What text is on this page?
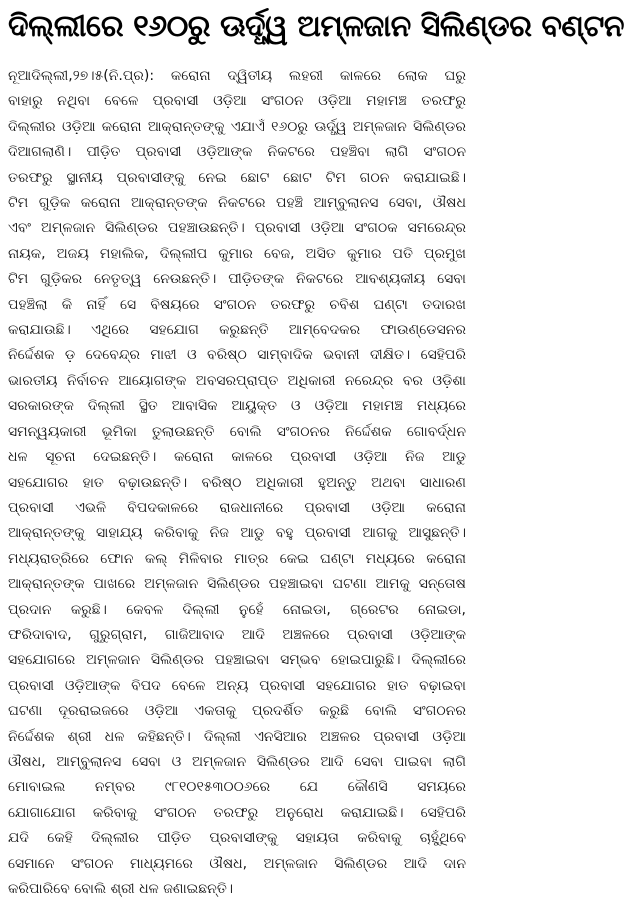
ଦିଲ୍ଲୀରେ ୧୬୦ରୁ ଊର୍ଦ୍ଧ୍ୱ ଅମ୍ଳଜାନ ସିଲିଣ୍ଡର ବଣ୍ଟନ
ନୂଆଦିଲ୍ଲୀ,୨୭।୫(ନି.ପ୍ର): କରୋନା ଦ୍ୱିତୀୟ ଲହରୀ କାଳରେ ଲୋକ ଘରୁ
ବାହାରୁ ନଥିବା ବେଳେ ପ୍ରବାସୀ ଓଡ଼ିଆ ସଂଗଠନ ଓଡ଼ିଆ ମହାମଞ୍ଚ ତରଫରୁ
ଦିଲ୍ଲୀର ଓଡ଼ିଆ କରୋନା ଆକ୍ରାନ୍ତଙ୍କୁ ଏଯାଏଁ ୧୬୦ରୁ ଊର୍ଦ୍ଧ୍ୱ ଅମ୍ଳଜାନ ସିଲିଣ୍ଡର
ଦିଆଗଲାଣି। ପୀଡ଼ିତ ପ୍ରବାସୀ ଓଡ଼ିଆଙ୍କ ନିକଟରେ ପହଞ୍ଚିବା ଲାଗି ସଂଗଠନ
ତରଫରୁ ସ୍ଥାନୀୟ ପ୍ରବାସୀଙ୍କୁ ନେଇ ଛୋଟ ଛୋଟ ଟିମ ଗଠନ କରାଯାଇଛି।
ଟିମ ଗୁଡ଼ିକ କରୋନା ଆକ୍ରାନ୍ତଙ୍କ ନିକଟରେ ପହଞ୍ଚି ଆମ୍ବୁଲାନସ ସେବା, ଔଷଧ
ଏବଂ ଅମ୍ଳଜାନ ସିଲିଣ୍ଡର ପହଞ୍ଚାଉଛନ୍ତି। ପ୍ରବାସୀ ଓଡ଼ିଆ ସଂଗଠକ ସମରେନ୍ଦ୍ର
ନାୟକ, ଅଜୟ ମହାଲିକ, ଦିଲ୍ଲୀପ କୁମାର ବେଜ, ଅସିତ କୁମାର ପତି ପ୍ରମୁଖ
ଟିମ ଗୁଡ଼ିକର ନେତୃତ୍ୱ ନେଉଛନ୍ତି। ପୀଡ଼ିତଙ୍କ ନିକଟରେ ଆବଶ୍ୟକୀୟ ସେବା
ପହଞ୍ଚିଲା କି ନାହିଁ ସେ ବିଷୟରେ ସଂଗଠନ ତରଫରୁ ଚବିଶ ଘଣ୍ଟା ତଦାରଖ
କରାଯାଉଛି। ଏଥିରେ ସହଯୋଗ କରୁଛନ୍ତି ଆମ୍ବେଦକର ଫାଉଣ୍ଡେସନର
ନିର୍ଦ୍ଦେଶକ ଡ଼ ଦେବେନ୍ଦ୍ର ମାଝୀ ଓ ବରିଷ୍ଠ ସାମ୍ବାଦିକ ଭବାନୀ ଦୀକ୍ଷିତ। ସେହିପରି
ଭାରତୀୟ ନିର୍ବାଚନ ଆୟୋଗଙ୍କ ଅବସରପ୍ରାପ୍ତ ଅଧିକାରୀ ନରେନ୍ଦ୍ର ବର ଓଡ଼ିଶା
ସରକାରଙ୍କ ଦିଲ୍ଲୀ ସ୍ଥିତ ଆବାସିକ ଆୟୁକ୍ତ ଓ ଓଡ଼ିଆ ମହାମଞ୍ଚ ମଧ୍ୟରେ
ସମନ୍ୱୟକାରୀ ଭୂମିକା ତୁଲାଉଛନ୍ତି ବୋଲି ସଂଗଠନର ନିର୍ଦ୍ଦେଶକ ଗୋବର୍ଦ୍ଧନ
ଧଳ ସୂଚନା ଦେଇଛନ୍ତି। କରୋନା କାଳରେ ପ୍ରବାସୀ ଓଡ଼ିଆ ନିଜ ଆଡୁ
ସହଯୋଗର ହାତ ବଢ଼ାଉଛନ୍ତି। ବରିଷ୍ଠ ଅଧିକାରୀ ହୁଅନ୍ତୁ ଅଥବା ସାଧାରଣ
ପ୍ରବାସୀ ଏଭଳି ବିପଦକାଳରେ ରାଜଧାନୀରେ ପ୍ରବାସୀ ଓଡ଼ିଆ କରୋନା
ଆକ୍ରାନ୍ତଙ୍କୁ ସାହାଯ୍ୟ କରିବାକୁ ନିଜ ଆଡୁ ବହୁ ପ୍ରବାସୀ ଆଗକୁ ଆସୁଛନ୍ତି।
ମଧ୍ୟରାତ୍ରିରେ ଫୋନ କଲ୍ ମିଳିବାର ମାତ୍ର କେଇ ଘଣ୍ଟା ମଧ୍ୟରେ କରୋନା
ଆକ୍ରାନ୍ତଙ୍କ ପାଖରେ ଅମ୍ଳଜାନ ସିଲିଣ୍ଡର ପହଞ୍ଚାଇବା ଘଟଣା ଆମକୁ ସନ୍ତୋଷ
ପ୍ରଦାନ କରୁଛି। କେବଳ ଦିଲ୍ଲୀ ନୁହେଁ ନୋଇଡା, ଗ୍ରେଟର ନୋଇଡା,
ଫରିଦାବାଦ, ଗୁରୁଗ୍ରାମ, ଗାଜିଆବାଦ ଆଦି ଅଞ୍ଚଳରେ ପ୍ରବାସୀ ଓଡ଼ିଆଙ୍କ
ସହଯୋଗରେ ଅମ୍ଳଜାନ ସିଲିଣ୍ଡର ପହଞ୍ଚାଇବା ସମ୍ଭବ ହୋଇପାରୁଛି। ଦିଲ୍ଲୀରେ
ପ୍ରବାସୀ ଓଡ଼ିଆଙ୍କ ବିପଦ ବେଳେ ଅନ୍ୟ ପ୍ରବାସୀ ସହଯୋଗର ହାତ ବଢ଼ାଇବା
ଘଟଣା ଦୂରରାଇଜରେ ଓଡ଼ିଆ ଏକତାକୁ ପ୍ରଦର୍ଶିତ କରୁଛି ବୋଲି ସଂଗଠନର
ନିର୍ଦ୍ଦେଶକ ଶ୍ରୀ ଧଳ କହିଛନ୍ତି। ଦିଲ୍ଲୀ ଏନସିଆର ଅଞ୍ଚଳର ପ୍ରବାସୀ ଓଡ଼ିଆ
ଔଷଧ, ଆମ୍ବୁଲାନସ ସେବା ଓ ଅମ୍ଳଜାନ ସିଲିଣ୍ଡର ଆଦି ସେବା ପାଇବା ଲାଗି
ମୋବାଇଲ ନମ୍ବର ୯୮୧୦୧୫୩୦୦୬ରେ ଯେ କୌଣସି ସମୟରେ
ଯୋଗାଯୋଗ କରିବାକୁ ସଂଗଠନ ତରଫରୁ ଅନୁରୋଧ କରାଯାଇଛି। ସେହିପରି
ଯଦି କେହି ଦିଲ୍ଲୀର ପୀଡ଼ିତ ପ୍ରବାସୀଙ୍କୁ ସହାୟତା କରିବାକୁ ଚାହୁଁଥିବେ
ସେମାନେ ସଂଗଠନ ମାଧ୍ୟମରେ ଔଷଧ, ଅମ୍ଳଜାନ ସିଲିଣ୍ଡର ଆଦି ଦାନ
କରିପାରିବେ ବୋଲି ଶ୍ରୀ ଧଳ ଜଣାଇଛନ୍ତି।
